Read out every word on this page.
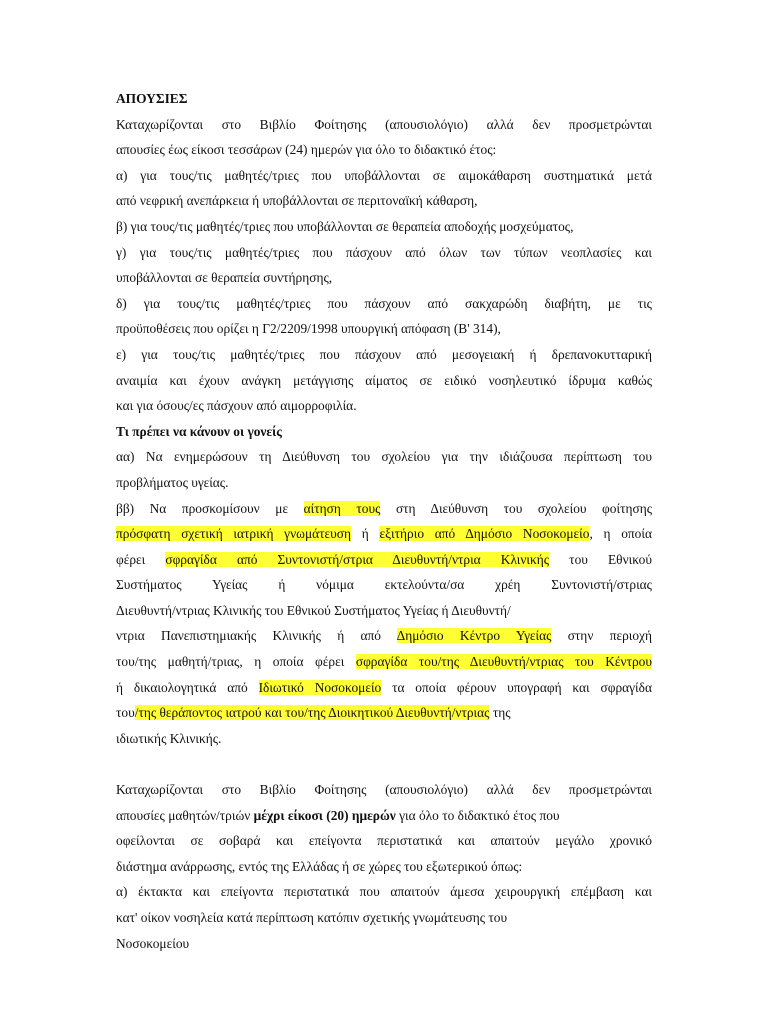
ΑΠΟΥΣΙΕΣ
Καταχωρίζονται στο Βιβλίο Φοίτησης (απουσιολόγιο) αλλά δεν προσμετρώνται
απουσίες έως είκοσι τεσσάρων (24) ημερών για όλο το διδακτικό έτος:
α) για τους/τις μαθητές/τριες που υποβάλλονται σε αιμοκάθαρση συστηματικά μετά
από νεφρική ανεπάρκεια ή υποβάλλονται σε περιτοναϊκή κάθαρση,
β) για τους/τις μαθητές/τριες που υποβάλλονται σε θεραπεία αποδοχής μοσχεύματος,
γ) για τους/τις μαθητές/τριες που πάσχουν από όλων των τύπων νεοπλασίες και
υποβάλλονται σε θεραπεία συντήρησης,
δ) για τους/τις μαθητές/τριες που πάσχουν από σακχαρώδη διαβήτη, με τις
προϋποθέσεις που ορίζει η Γ2/2209/1998 υπουργική απόφαση (Β' 314),
ε) για τους/τις μαθητές/τριες που πάσχουν από μεσογειακή ή δρεπανοκυτταρική
αναιμία και έχουν ανάγκη μετάγγισης αίματος σε ειδικό νοσηλευτικό ίδρυμα καθώς
και για όσους/ες πάσχουν από αιμορροφιλία.
Τι πρέπει να κάνουν οι γονείς
αα) Να ενημερώσουν τη Διεύθυνση του σχολείου για την ιδιάζουσα περίπτωση του
προβλήματος υγείας.
ββ) Να προσκομίσουν με αίτηση τους στη Διεύθυνση του σχολείου φοίτησης
πρόσφατη σχετική ιατρική γνωμάτευση ή εξιτήριο από Δημόσιο Νοσοκομείο, η οποία
φέρει σφραγίδα από Συντονιστή/στρια Διευθυντή/ντρια Κλινικής του Εθνικού
Συστήματος Υγείας ή νόμιμα εκτελούντα/σα χρέη Συντονιστή/στριας
Διευθυντή/ντριας Κλινικής του Εθνικού Συστήματος Υγείας ή Διευθυντή/
ντρια Πανεπιστημιακής Κλινικής ή από Δημόσιο Κέντρο Υγείας στην περιοχή
του/της μαθητή/τριας, η οποία φέρει σφραγίδα του/της Διευθυντή/ντριας του Κέντρου
ή δικαιολογητικά από Ιδιωτικό Νοσοκομείο τα οποία φέρουν υπογραφή και σφραγίδα
του/της θεράποντος ιατρού και του/της Διοικητικού Διευθυντή/ντριας της
ιδιωτικής Κλινικής.
Καταχωρίζονται στο Βιβλίο Φοίτησης (απουσιολόγιο) αλλά δεν προσμετρώνται
απουσίες μαθητών/τριών μέχρι είκοσι (20) ημερών για όλο το διδακτικό έτος που
οφείλονται σε σοβαρά και επείγοντα περιστατικά και απαιτούν μεγάλο χρονικό
διάστημα ανάρρωσης, εντός της Ελλάδας ή σε χώρες του εξωτερικού όπως:
α) έκτακτα και επείγοντα περιστατικά που απαιτούν άμεσα χειρουργική επέμβαση και
κατ' οίκον νοσηλεία κατά περίπτωση κατόπιν σχετικής γνωμάτευσης του
Νοσοκομείου
